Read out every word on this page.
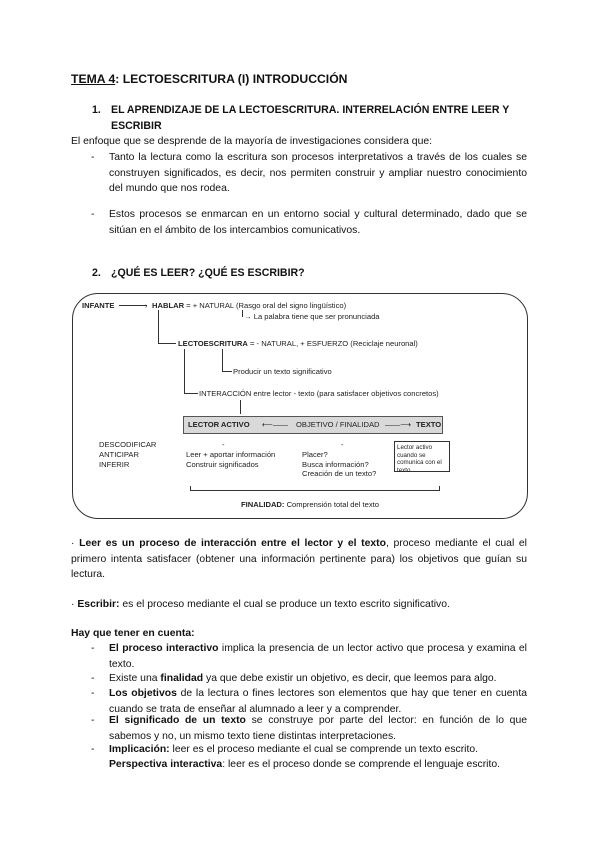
TEMA 4: LECTOESCRITURA (I) INTRODUCCIÓN
1. EL APRENDIZAJE DE LA LECTOESCRITURA. INTERRELACIÓN ENTRE LEER Y
ESCRIBIR
El enfoque que se desprende de la mayoría de investigaciones considera que:
- Tanto la lectura como la escritura son procesos interpretativos a través de los cuales se construyen significados, es decir, nos permiten construir y ampliar nuestro conocimiento del mundo que nos rodea.
- Estos procesos se enmarcan en un entorno social y cultural determinado, dado que se sitúan en el ámbito de los intercambios comunicativos.
2. ¿QUÉ ES LEER? ¿QUÉ ES ESCRIBIR?
INFANTE	› HABLAR = + NATURAL (Rasgo oral del signo lingüístico)
→ La palabra tiene que ser pronunciada
LECTOESCRITURA = - NATURAL, + ESFUERZO (Reciclaje neuronal)
Producir un texto significativo
INTERACCIÓN entre lector - texto (para satisfacer objetivos concretos)
LECTOR ACTIVO ⟵—— OBJETIVO / FINALIDAD ——⟶ TEXTO
DESCODIFICAR
ANTICIPAR
INFERIR
-
Leer + aportar información
Construir significados
-
Placer?
Busca información?
Creación de un texto?
Lector activo cuando se comunica con el texto
FINALIDAD: Comprensión total del texto
· Leer es un proceso de interacción entre el lector y el texto, proceso mediante el cual el primero intenta satisfacer (obtener una información pertinente para) los objetivos que guían su lectura.
· Escribir: es el proceso mediante el cual se produce un texto escrito significativo.
Hay que tener en cuenta:
- El proceso interactivo implica la presencia de un lector activo que procesa y examina el texto.
- Existe una finalidad ya que debe existir un objetivo, es decir, que leemos para algo.
- Los objetivos de la lectura o fines lectores son elementos que hay que tener en cuenta cuando se trata de enseñar al alumnado a leer y a comprender.
- El significado de un texto se construye por parte del lector: en función de lo que sabemos y no, un mismo texto tiene distintas interpretaciones.
- Implicación: leer es el proceso mediante el cual se comprende un texto escrito.
Perspectiva interactiva: leer es el proceso donde se comprende el lenguaje escrito.
